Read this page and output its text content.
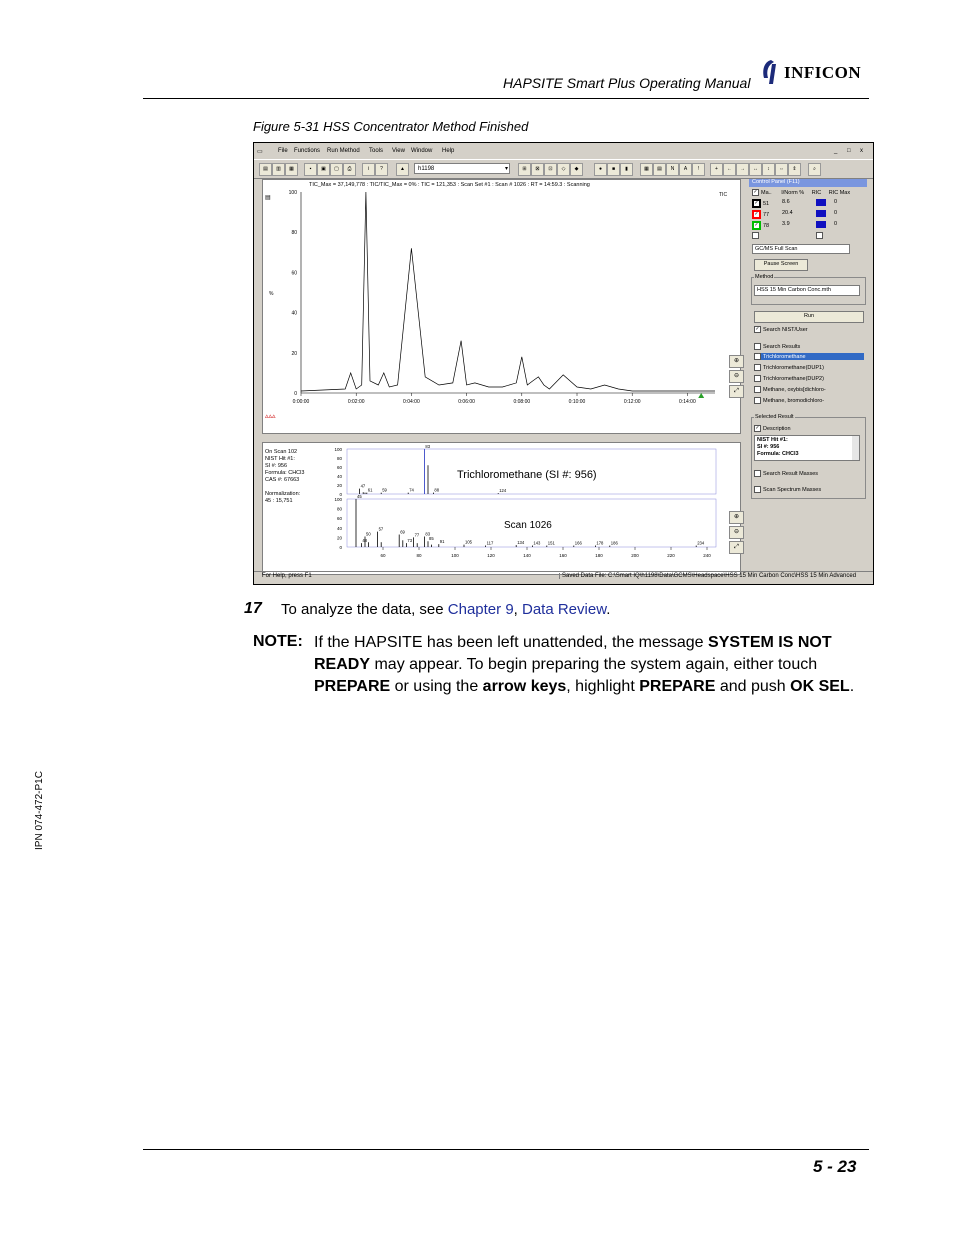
HAPSITE Smart Plus Operating Manual
INFICON
Figure 5-31 HSS Concentrator Method Finished
▭	File Functions Run Method Tools View Window Help	_ □ x
▤	▥	▦	▪	▣	▢	⎙	i	?	▲	h1198	▾	⊞	⊠	⊡	◇	◆	●	■	▮	▦	▤	N	A	!	+	←	→	↔	↕	⇔	⇕	⌕
TIC_Max = 37,149,778 : TIC/TIC_Max = 0% : TIC = 121,353 : Scan Set #1 : Scan # 1026 : RT = 14:59.3 : Scanning
▤
100
80
60
40
20
0
%
0:00:00	0:02:00	0:04:00	0:06:00	0:08:00	0:10:00	0:12:00	0:14:00
TIC
▵▵▵
⊕
⊖
⤢
On Scan 102
NIST Hit #1:
SI #: 956
Formula: CHCl3
CAS #: 67663
Normalization:
45 : 15,751
100
80
60
40
20
0
47
61 59	74
83
88	124
100
80
60
40
20
0
45
48
50
57
69
73
77 83
85
91	105	117	134 143 151	166	178 186	234
60	80	100	120	140	160	180	200	220	240
Trichloromethane (SI #: 956)
Scan 1026
⊕
⊖
⤢
Control Panel (F11)
✓ Ma.. I/Norm % RIC RIC Max
✓ 51 8.6	0
✓ 77 20.4	0
✓ 78 3.9	0
GC/MS Full Scan
Pause Screen
Method
HSS 15 Min Carbon Conc.mth
Run
✓ Search NIST/User
Search Results
✓ Trichloromethane
Trichloromethane(DUP1)
Trichloromethane(DUP2)
Methane, oxybis[dichloro-
Methane, bromodichloro-
Selected Result
✓ Description
NIST Hit #1:
SI #: 956
Formula: CHCl3
Search Result Masses
Scan Spectrum Masses
For Help, press F1	Saved Data File: C:\Smart IQ\h1198\Data\GCMS\Headspace\HSS 15 Min Carbon Conc\HSS 15 Min Advanced
17 To analyze the data, see Chapter 9, Data Review.
NOTE: If the HAPSITE has been left unattended, the message SYSTEM IS NOT READY may appear. To begin preparing the system again, either touch PREPARE or using the arrow keys, highlight PREPARE and push OK SEL.
IPN 074-472-P1C
5 - 23
